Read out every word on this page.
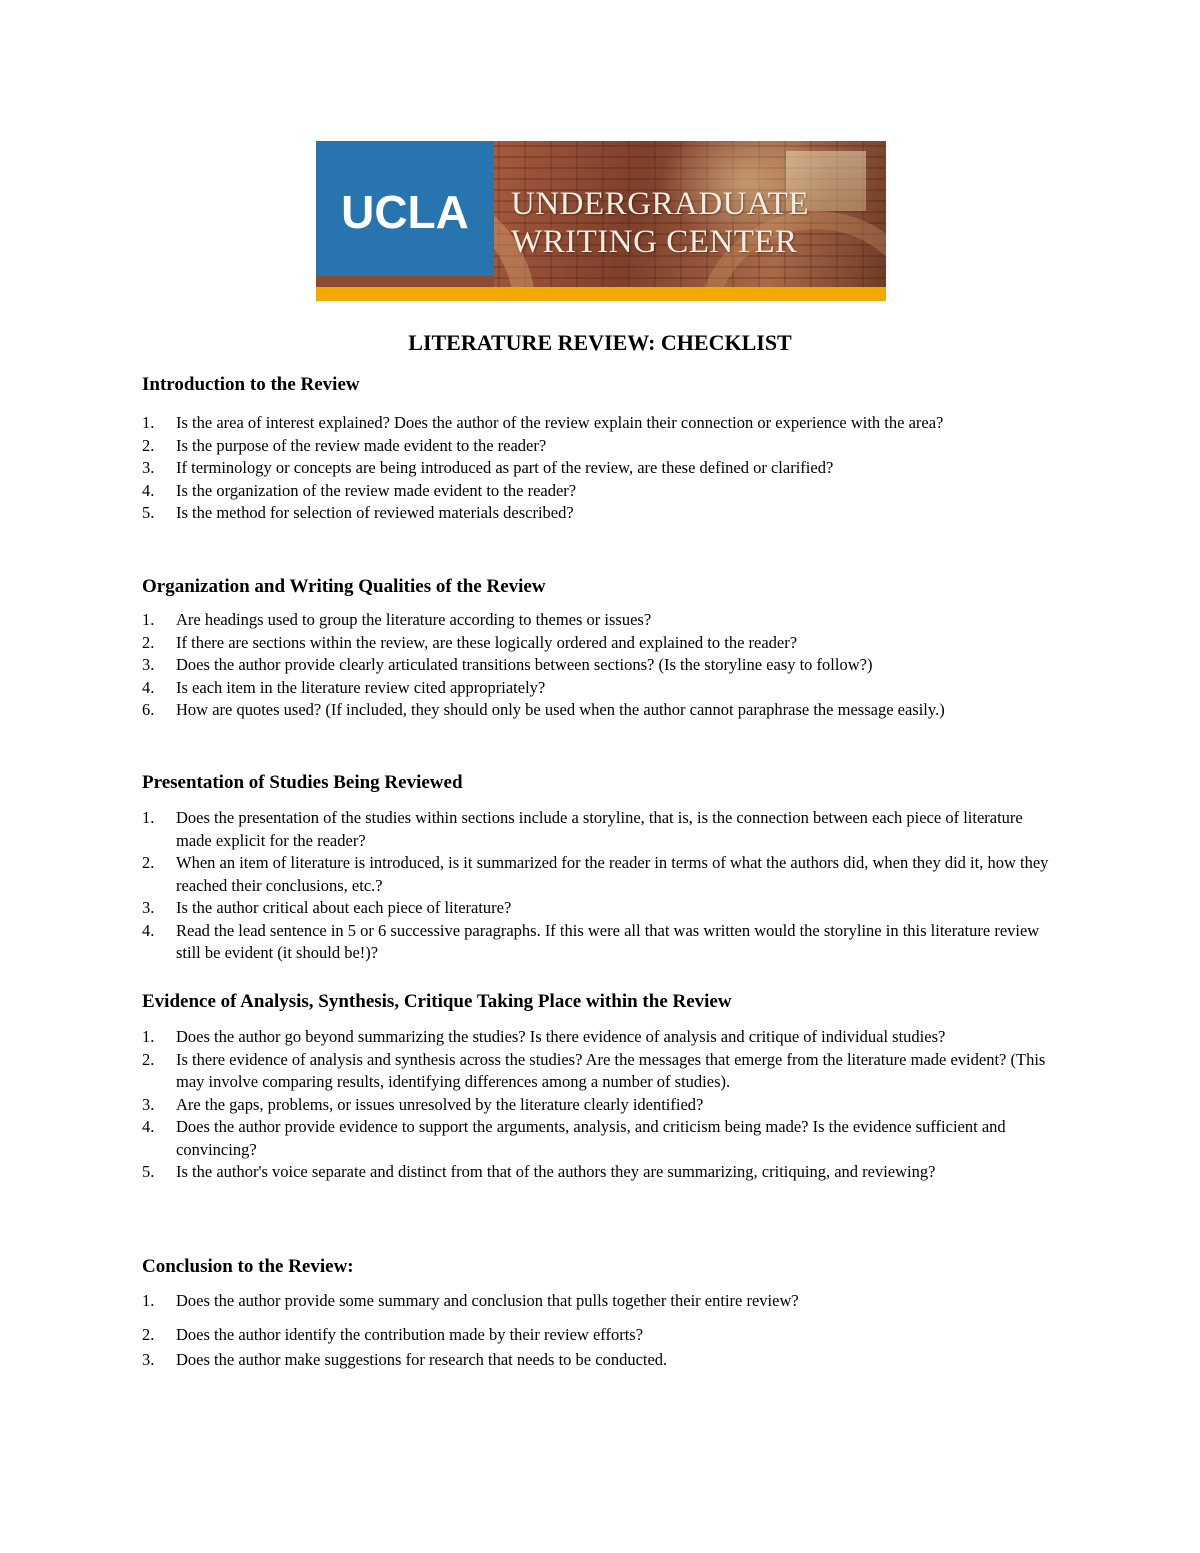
UCLA UNDERGRADUATE
WRITING CENTER
LITERATURE REVIEW: CHECKLIST
Introduction to the Review
1. Is the area of interest explained? Does the author of the review explain their connection or experience with the area?
2. Is the purpose of the review made evident to the reader?
3. If terminology or concepts are being introduced as part of the review, are these defined or clarified?
4. Is the organization of the review made evident to the reader?
5. Is the method for selection of reviewed materials described?
Organization and Writing Qualities of the Review
1. Are headings used to group the literature according to themes or issues?
2. If there are sections within the review, are these logically ordered and explained to the reader?
3. Does the author provide clearly articulated transitions between sections? (Is the storyline easy to follow?)
4. Is each item in the literature review cited appropriately?
6. How are quotes used? (If included, they should only be used when the author cannot paraphrase the message easily.)
Presentation of Studies Being Reviewed
1. Does the presentation of the studies within sections include a storyline, that is, is the connection between each piece of literature made explicit for the reader?
2. When an item of literature is introduced, is it summarized for the reader in terms of what the authors did, when they did it, how they reached their conclusions, etc.?
3. Is the author critical about each piece of literature?
4. Read the lead sentence in 5 or 6 successive paragraphs. If this were all that was written would the storyline in this literature review still be evident (it should be!)?
Evidence of Analysis, Synthesis, Critique Taking Place within the Review
1. Does the author go beyond summarizing the studies? Is there evidence of analysis and critique of individual studies?
2. Is there evidence of analysis and synthesis across the studies? Are the messages that emerge from the literature made evident? (This may involve comparing results, identifying differences among a number of studies).
3. Are the gaps, problems, or issues unresolved by the literature clearly identified?
4. Does the author provide evidence to support the arguments, analysis, and criticism being made? Is the evidence sufficient and convincing?
5. Is the author's voice separate and distinct from that of the authors they are summarizing, critiquing, and reviewing?
Conclusion to the Review:
1. Does the author provide some summary and conclusion that pulls together their entire review?
2. Does the author identify the contribution made by their review efforts?
3. Does the author make suggestions for research that needs to be conducted.
